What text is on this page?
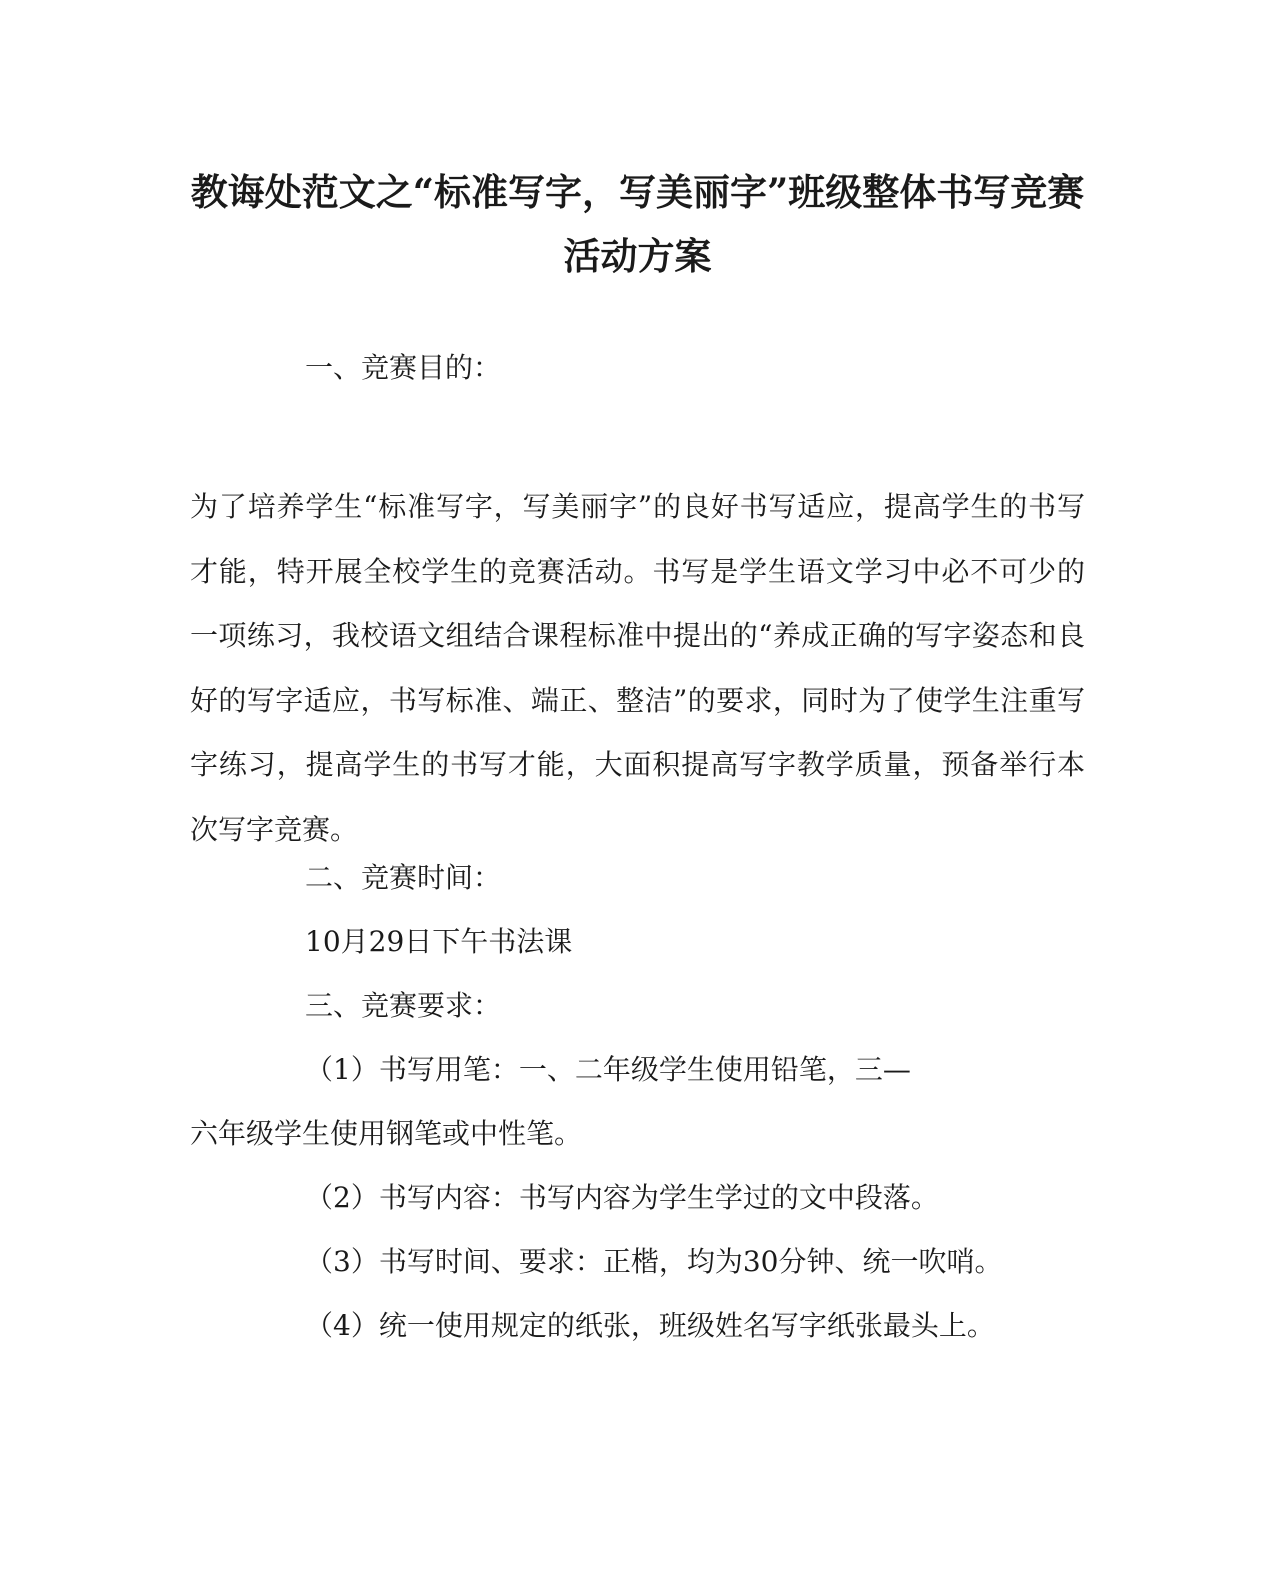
教诲处范文之“标准写字，写美丽字”班级整体书写竞赛活动方案

一、竞赛目的：

为了培养学生“标准写字，写美丽字”的良好书写适应，提高学生的书写才能，特开展全校学生的竞赛活动。书写是学生语文学习中必不可少的一项练习，我校语文组结合课程标准中提出的“养成正确的写字姿态和良好的写字适应，书写标准、端正、整洁”的要求，同时为了使学生注重写字练习，提高学生的书写才能，大面积提高写字教学质量，预备举行本次写字竞赛。

二、竞赛时间：

10月29日下午书法课

三、竞赛要求：

（1）书写用笔：一、二年级学生使用铅笔，三—

六年级学生使用钢笔或中性笔。

（2）书写内容：书写内容为学生学过的文中段落。

（3）书写时间、要求：正楷，均为30分钟、统一吹哨。

（4）统一使用规定的纸张，班级姓名写字纸张最头上。
